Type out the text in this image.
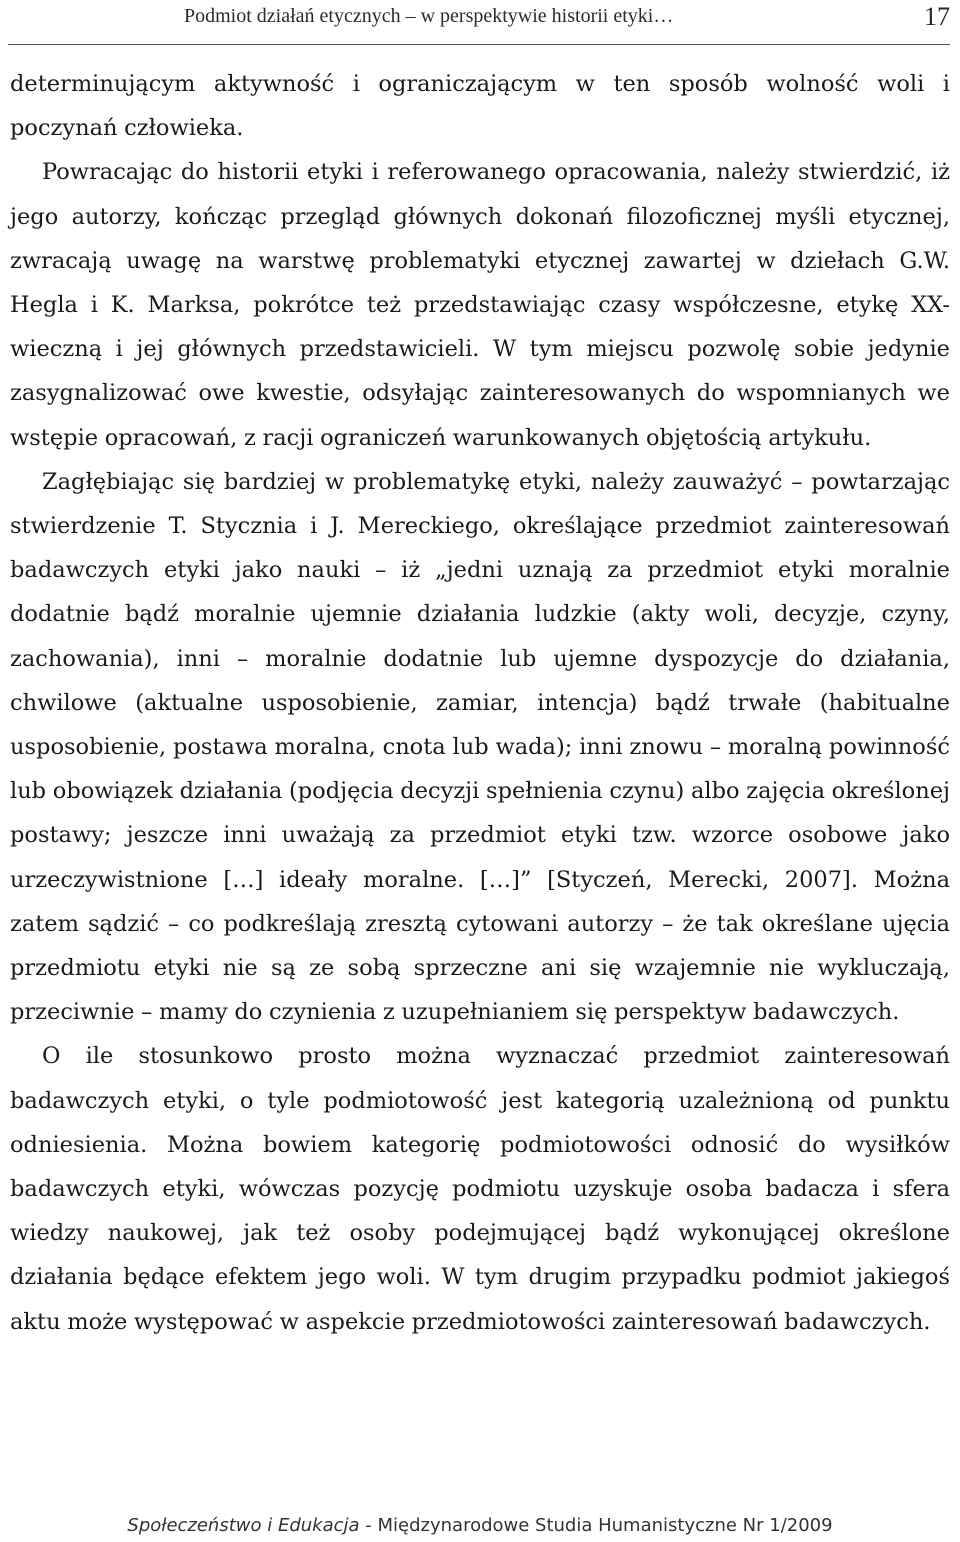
Podmiot działań etycznych – w perspektywie historii etyki…	17

determinującym aktywność i ograniczającym w ten sposób wolność woli i poczynań człowieka.

Powracając do historii etyki i referowanego opracowania, należy stwierdzić, iż jego autorzy, kończąc przegląd głównych dokonań filozoficznej myśli etycznej, zwracają uwagę na warstwę problematyki etycznej zawartej w dziełach G.W. Hegla i K. Marksa, pokrótce też przedstawiając czasy współczesne, etykę XX-wieczną i jej głównych przedstawicieli. W tym miejscu pozwolę sobie jedynie zasygnalizować owe kwestie, odsyłając zainteresowanych do wspomnianych we wstępie opracowań, z racji ograniczeń warunkowanych objętością artykułu.

Zagłębiając się bardziej w problematykę etyki, należy zauważyć – powtarzając stwierdzenie T. Stycznia i J. Mereckiego, określające przedmiot zainteresowań badawczych etyki jako nauki – iż „jedni uznają za przedmiot etyki moralnie dodatnie bądź moralnie ujemnie działania ludzkie (akty woli, decyzje, czyny, zachowania), inni – moralnie dodatnie lub ujemne dyspozycje do działania, chwilowe (aktualne usposobienie, zamiar, intencja) bądź trwałe (habitualne usposobienie, postawa moralna, cnota lub wada); inni znowu – moralną powinność lub obowiązek działania (podjęcia decyzji spełnienia czynu) albo zajęcia określonej postawy; jeszcze inni uważają za przedmiot etyki tzw. wzorce osobowe jako urzeczywistnione […] ideały moralne. […]” [Styczeń, Merecki, 2007]. Można zatem sądzić – co podkreślają zresztą cytowani autorzy – że tak określane ujęcia przedmiotu etyki nie są ze sobą sprzeczne ani się wzajemnie nie wykluczają, przeciwnie – mamy do czynienia z uzupełnianiem się perspektyw badawczych.

O ile stosunkowo prosto można wyznaczać przedmiot zainteresowań badawczych etyki, o tyle podmiotowość jest kategorią uzależnioną od punktu odniesienia. Można bowiem kategorię podmiotowości odnosić do wysiłków badawczych etyki, wówczas pozycję podmiotu uzyskuje osoba badacza i sfera wiedzy naukowej, jak też osoby podejmującej bądź wykonującej określone działania będące efektem jego woli. W tym drugim przypadku podmiot jakiegoś aktu może występować w aspekcie przedmiotowości zainteresowań badawczych.

Społeczeństwo i Edukacja - Międzynarodowe Studia Humanistyczne Nr 1/2009
